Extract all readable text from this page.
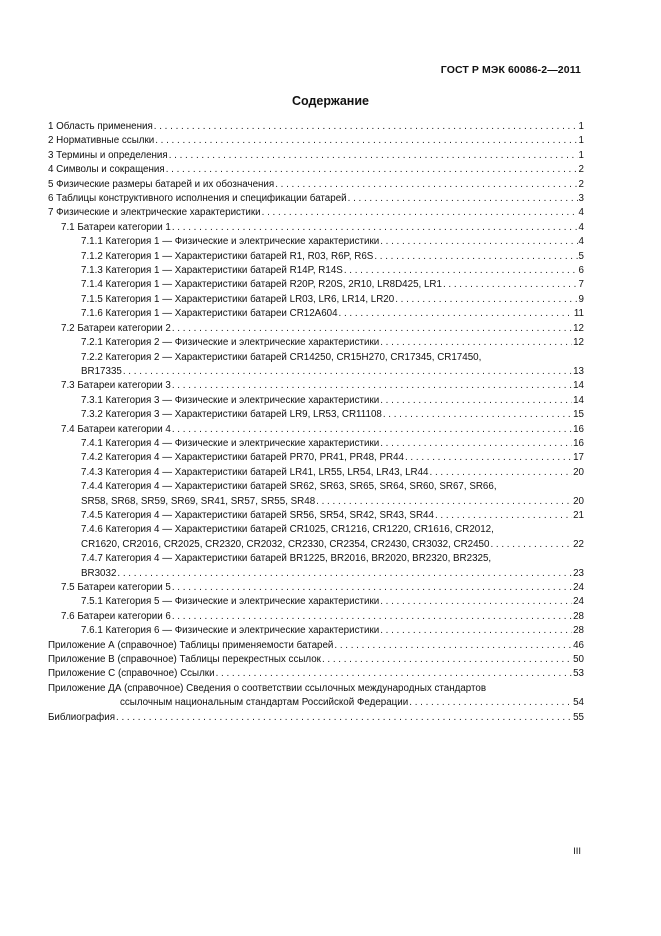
ГОСТ Р МЭК 60086-2—2011
Содержание
1 Область применения . . .	1
2 Нормативные ссылки . . .	1
3 Термины и определения . . .	1
4 Символы и сокращения . . .	2
5 Физические размеры батарей и их обозначения . . .	2
6 Таблицы конструктивного исполнения и спецификации батарей . . .	3
7 Физические и электрические характеристики . . .	4
7.1 Батареи категории 1 . . .	4
7.1.1 Категория 1 — Физические и электрические характеристики . . .	4
7.1.2 Категория 1 — Характеристики батарей R1, R03, R6P, R6S . . .	5
7.1.3 Категория 1 — Характеристики батарей R14P, R14S . . .	6
7.1.4 Категория 1 — Характеристики батарей R20P, R20S, 2R10, LR8D425, LR1 . . .	7
7.1.5 Категория 1 — Характеристики батарей LR03, LR6, LR14, LR20 . . .	9
7.1.6 Категория 1 — Характеристики батареи CR12A604 . . .	11
7.2 Батареи категории 2 . . .	12
7.2.1 Категория 2 — Физические и электрические характеристики . . .	12
7.2.2 Категория 2 — Характеристики батарей CR14250, CR15H270, CR17345, CR17450,
BR17335 . . .	13
7.3 Батареи категории 3 . . .	14
7.3.1 Категория 3 — Физические и электрические характеристики . . .	14
7.3.2 Категория 3 — Характеристики батарей LR9, LR53, CR11108 . . .	15
7.4 Батареи категории 4 . . .	16
7.4.1 Категория 4 — Физические и электрические характеристики . . .	16
7.4.2 Категория 4 — Характеристики батарей PR70, PR41, PR48, PR44 . . .	17
7.4.3 Категория 4 — Характеристики батарей LR41, LR55, LR54, LR43, LR44 . . .	20
7.4.4 Категория 4 — Характеристики батарей SR62, SR63, SR65, SR64, SR60, SR67, SR66,
SR58, SR68, SR59, SR69, SR41, SR57, SR55, SR48 . . .	20
7.4.5 Категория 4 — Характеристики батарей SR56, SR54, SR42, SR43, SR44 . . .	21
7.4.6 Категория 4 — Характеристики батарей CR1025, CR1216, CR1220, CR1616, CR2012,
CR1620, CR2016, CR2025, CR2320, CR2032, CR2330, CR2354, CR2430, CR3032, CR2450 . . .	22
7.4.7 Категория 4 — Характеристики батарей BR1225, BR2016, BR2020, BR2320, BR2325,
BR3032 . . .	23
7.5 Батареи категории 5 . . .	24
7.5.1 Категория 5 — Физические и электрические характеристики . . .	24
7.6 Батареи категории 6 . . .	28
7.6.1 Категория 6 — Физические и электрические характеристики . . .	28
Приложение А (справочное) Таблицы применяемости батарей . . .	46
Приложение В (справочное) Таблицы перекрестных ссылок . . .	50
Приложение С (справочное) Ссылки . . .	53
Приложение ДА (справочное) Сведения о соответствии ссылочных международных стандартов
ссылочным национальным стандартам Российской Федерации . . .	54
Библиография . . .	55
III
